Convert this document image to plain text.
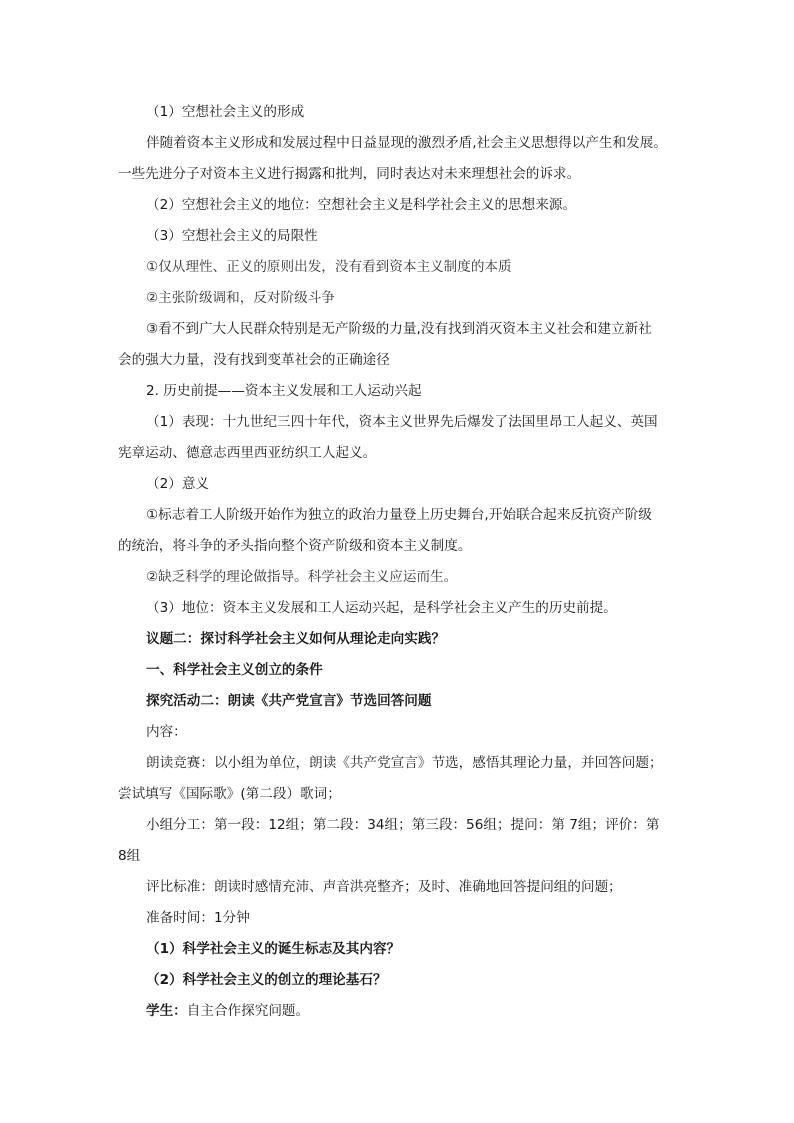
（1）空想社会主义的形成
伴随着资本主义形成和发展过程中日益显现的激烈矛盾,社会主义思想得以产生和发展。
一些先进分子对资本主义进行揭露和批判，同时表达对未来理想社会的诉求。
（2）空想社会主义的地位：空想社会主义是科学社会主义的思想来源。
（3）空想社会主义的局限性
①仅从理性、正义的原则出发，没有看到资本主义制度的本质
②主张阶级调和，反对阶级斗争
③看不到广大人民群众特别是无产阶级的力量,没有找到消灭资本主义社会和建立新社
会的强大力量，没有找到变革社会的正确途径
2. 历史前提——资本主义发展和工人运动兴起
（1）表现：十九世纪三四十年代，资本主义世界先后爆发了法国里昂工人起义、英国
宪章运动、德意志西里西亚纺织工人起义。
（2）意义
①标志着工人阶级开始作为独立的政治力量登上历史舞台,开始联合起来反抗资产阶级
的统治，将斗争的矛头指向整个资产阶级和资本主义制度。
②缺乏科学的理论做指导。科学社会主义应运而生。
（3）地位：资本主义发展和工人运动兴起，是科学社会主义产生的历史前提。
议题二：探讨科学社会主义如何从理论走向实践？
一、科学社会主义创立的条件
探究活动二：朗读《共产党宣言》节选回答问题
内容：
朗读竞赛：以小组为单位，朗读《共产党宣言》节选，感悟其理论力量，并回答问题；
尝试填写《国际歌》(第二段）歌词；
小组分工：第一段：12组；第二段：34组；第三段：56组；提问：第 7组；评价：第
8组
评比标准：朗读时感情充沛、声音洪亮整齐；及时、准确地回答提问组的问题；
准备时间：1分钟
（1）科学社会主义的诞生标志及其内容？
（2）科学社会主义的创立的理论基石？
学生：自主合作探究问题。
